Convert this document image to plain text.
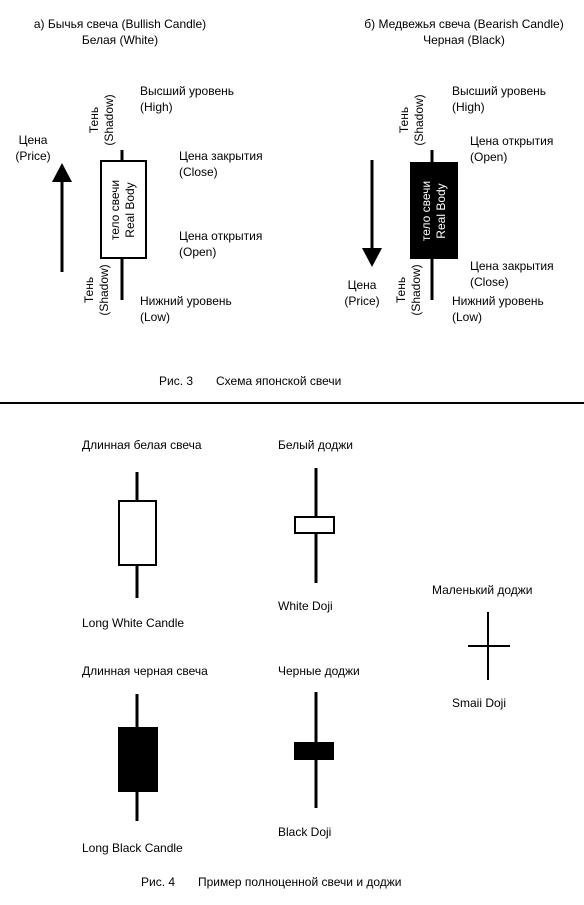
а) Бычья свеча (Bullish Candle)
Белая (White)
б) Медвежья свеча (Bearish Candle)
Черная (Black)
Цена
(Price)
Цена
(Price)
Тень
(Shadow)
Тень
(Shadow)
Тень
(Shadow)
Тень
(Shadow)
тело свечи
Real Body
тело свечи
Real Body
Высший уровень
(High)
Цена закрытия
(Close)
Цена открытия
(Open)
Нижний уровень
(Low)
Высший уровень
(High)
Цена открытия
(Open)
Цена закрытия
(Close)
Нижний уровень
(Low)
Рис. 3 Схема японской свечи
Длинная белая свеча
Long White Candle
Белый доджи
White Doji
Маленький доджи
Smaii Doji
Длинная черная свеча
Long Black Candle
Черные доджи
Black Doji
Рис. 4 Пример полноценной свечи и доджи
